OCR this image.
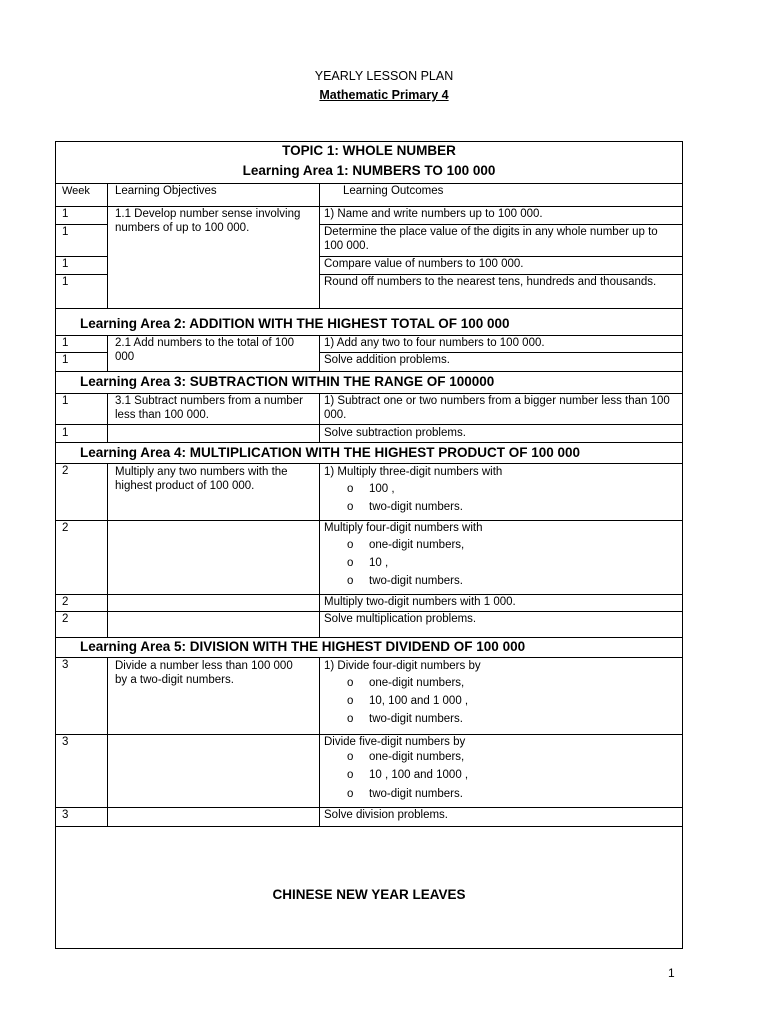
YEARLY LESSON PLAN
Mathematic Primary 4
TOPIC 1: WHOLE NUMBER
Learning Area 1: NUMBERS TO 100 000
Week Learning Objectives	Learning Outcomes
1
1
1
1
1.1 Develop number sense involving numbers of up to 100 000.
1) Name and write numbers up to 100 000.
Determine the place value of the digits in any whole number up to 100 000.
Compare value of numbers to 100 000.
Round off numbers to the nearest tens, hundreds and thousands.
Learning Area 2: ADDITION WITH THE HIGHEST TOTAL OF 100 000
1
1
2.1 Add numbers to the total of 100 000
1) Add any two to four numbers to 100 000.
Solve addition problems.
Learning Area 3: SUBTRACTION WITHIN THE RANGE OF 100000
1
1
3.1 Subtract numbers from a number less than 100 000.
1) Subtract one or two numbers from a bigger number less than 100 000.
Solve subtraction problems.
Learning Area 4: MULTIPLICATION WITH THE HIGHEST PRODUCT OF 100 000
2
2
2
2
Multiply any two numbers with the highest product of 100 000.
1) Multiply three-digit numbers with
o 100 ,
o two-digit numbers.
Multiply four-digit numbers with
o one-digit numbers,
o 10 ,
o two-digit numbers.
Multiply two-digit numbers with 1 000.
Solve multiplication problems.
Learning Area 5: DIVISION WITH THE HIGHEST DIVIDEND OF 100 000
3
3
3
Divide a number less than 100 000 by a two-digit numbers.
1) Divide four-digit numbers by
o one-digit numbers,
o 10, 100 and 1 000 ,
o two-digit numbers.
Divide five-digit numbers by
o one-digit numbers,
o 10 , 100 and 1000 ,
o two-digit numbers.
Solve division problems.
CHINESE NEW YEAR LEAVES
1
